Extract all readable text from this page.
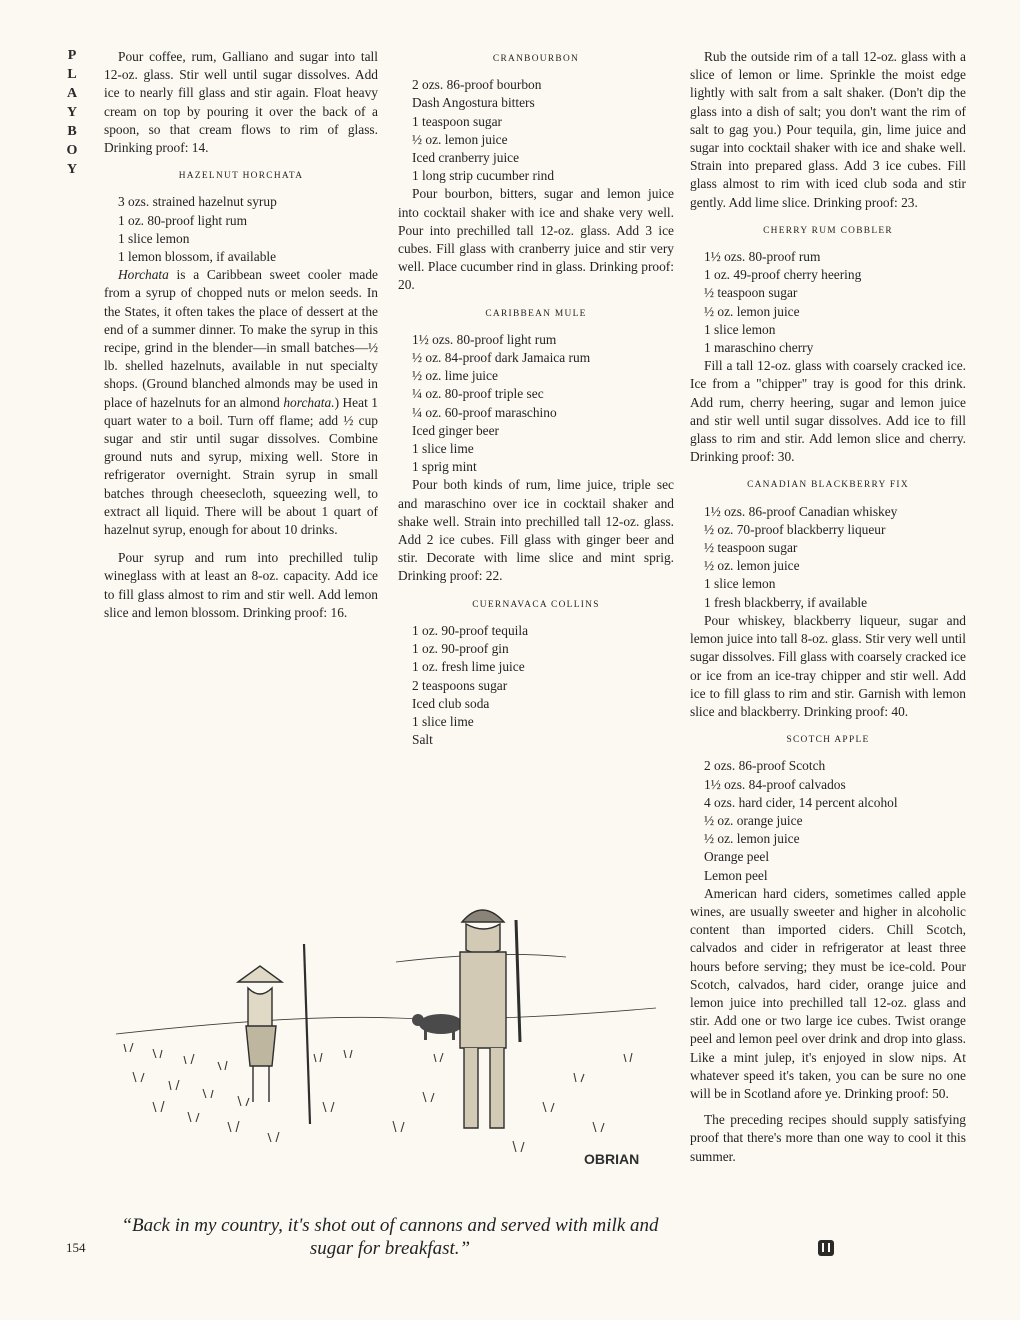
P
L
A
Y
B
O
Y

Pour coffee, rum, Galliano and sugar into tall 12-oz. glass. Stir well until sugar dissolves. Add ice to nearly fill glass and stir again. Float heavy cream on top by pouring it over the back of a spoon, so that cream flows to rim of glass. Drinking proof: 14.

HAZELNUT HORCHATA
3 ozs. strained hazelnut syrup
1 oz. 80-proof light rum
1 slice lemon
1 lemon blossom, if available

Horchata is a Caribbean sweet cooler made from a syrup of chopped nuts or melon seeds. In the States, it often takes the place of dessert at the end of a summer dinner. To make the syrup in this recipe, grind in the blender—in small batches—½ lb. shelled hazelnuts, available in nut specialty shops. (Ground blanched almonds may be used in place of hazelnuts for an almond horchata.) Heat 1 quart water to a boil. Turn off flame; add ½ cup sugar and stir until sugar dissolves. Combine ground nuts and syrup, mixing well. Store in refrigerator overnight. Strain syrup in small batches through cheesecloth, squeezing well, to extract all liquid. There will be about 1 quart of hazelnut syrup, enough for about 10 drinks.

Pour syrup and rum into prechilled tulip wineglass with at least an 8-oz. capacity. Add ice to fill glass almost to rim and stir well. Add lemon slice and lemon blossom. Drinking proof: 16.

CRANBOURBON
2 ozs. 86-proof bourbon
Dash Angostura bitters
1 teaspoon sugar
½ oz. lemon juice
Iced cranberry juice
1 long strip cucumber rind

Pour bourbon, bitters, sugar and lemon juice into cocktail shaker with ice and shake very well. Pour into prechilled tall 12-oz. glass. Add 3 ice cubes. Fill glass with cranberry juice and stir very well. Place cucumber rind in glass. Drinking proof: 20.

CARIBBEAN MULE
1½ ozs. 80-proof light rum
½ oz. 84-proof dark Jamaica rum
½ oz. lime juice
¼ oz. 80-proof triple sec
¼ oz. 60-proof maraschino
Iced ginger beer
1 slice lime
1 sprig mint

Pour both kinds of rum, lime juice, triple sec and maraschino over ice in cocktail shaker and shake well. Strain into prechilled tall 12-oz. glass. Add 2 ice cubes. Fill glass with ginger beer and stir. Decorate with lime slice and mint sprig. Drinking proof: 22.

CUERNAVACA COLLINS
1 oz. 90-proof tequila
1 oz. 90-proof gin
1 oz. fresh lime juice
2 teaspoons sugar
Iced club soda
1 slice lime
Salt

Rub the outside rim of a tall 12-oz. glass with a slice of lemon or lime. Sprinkle the moist edge lightly with salt from a salt shaker. (Don't dip the glass into a dish of salt; you don't want the rim of salt to gag you.) Pour tequila, gin, lime juice and sugar into cocktail shaker with ice and shake well. Strain into prepared glass. Add 3 ice cubes. Fill glass almost to rim with iced club soda and stir gently. Add lime slice. Drinking proof: 23.

CHERRY RUM COBBLER
1½ ozs. 80-proof rum
1 oz. 49-proof cherry heering
½ teaspoon sugar
½ oz. lemon juice
1 slice lemon
1 maraschino cherry

Fill a tall 12-oz. glass with coarsely cracked ice. Ice from a "chipper" tray is good for this drink. Add rum, cherry heering, sugar and lemon juice and stir well until sugar dissolves. Add ice to fill glass to rim and stir. Add lemon slice and cherry. Drinking proof: 30.

CANADIAN BLACKBERRY FIX
1½ ozs. 86-proof Canadian whiskey
½ oz. 70-proof blackberry liqueur
½ teaspoon sugar
½ oz. lemon juice
1 slice lemon
1 fresh blackberry, if available

Pour whiskey, blackberry liqueur, sugar and lemon juice into tall 8-oz. glass. Stir very well until sugar dissolves. Fill glass with coarsely cracked ice or ice from an ice-tray chipper and stir well. Add ice to fill glass to rim and stir. Garnish with lemon slice and blackberry. Drinking proof: 40.

SCOTCH APPLE
2 ozs. 86-proof Scotch
1½ ozs. 84-proof calvados
4 ozs. hard cider, 14 percent alcohol
½ oz. orange juice
½ oz. lemon juice
Orange peel
Lemon peel

American hard ciders, sometimes called apple wines, are usually sweeter and higher in alcoholic content than imported ciders. Chill Scotch, calvados and cider in refrigerator at least three hours before serving; they must be ice-cold. Pour Scotch, calvados, hard cider, orange juice and lemon juice into prechilled tall 12-oz. glass and stir. Add one or two large ice cubes. Twist orange peel and lemon peel over drink and drop into glass. Like a mint julep, it's enjoyed in slow nips. At whatever speed it's taken, you can be sure no one will be in Scotland afore ye. Drinking proof: 50.

The preceding recipes should supply satisfying proof that there's more than one way to cool it this summer.

OBRIAN
“Back in my country, it's shot out of cannons and served with milk and sugar for breakfast.”
154
